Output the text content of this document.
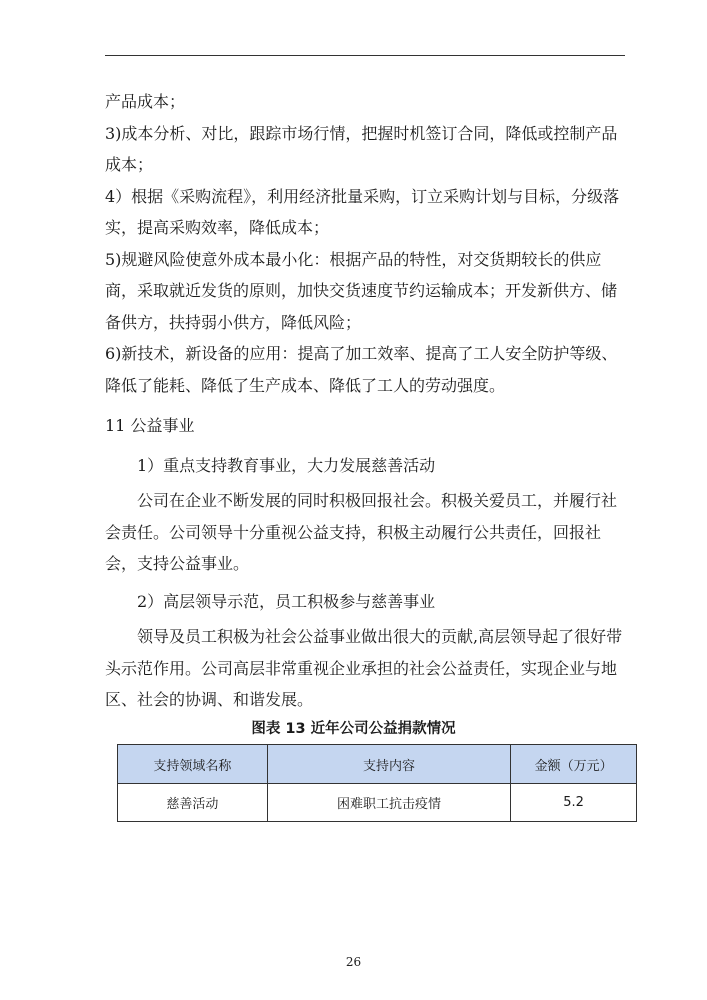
产品成本；

3)成本分析、对比，跟踪市场行情，把握时机签订合同，降低或控制产品成本；

4）根据《采购流程》，利用经济批量采购，订立采购计划与目标，分级落实，提高采购效率，降低成本；

5)规避风险使意外成本最小化：根据产品的特性，对交货期较长的供应商，采取就近发货的原则，加快交货速度节约运输成本；开发新供方、储备供方，扶持弱小供方，降低风险；

6)新技术，新设备的应用：提高了加工效率、提高了工人安全防护等级、降低了能耗、降低了生产成本、降低了工人的劳动强度。

11 公益事业

1）重点支持教育事业，大力发展慈善活动

公司在企业不断发展的同时积极回报社会。积极关爱员工，并履行社会责任。公司领导十分重视公益支持，积极主动履行公共责任，回报社会，支持公益事业。

2）高层领导示范，员工积极参与慈善事业

领导及员工积极为社会公益事业做出很大的贡献,高层领导起了很好带头示范作用。公司高层非常重视企业承担的社会公益责任，实现企业与地区、社会的协调、和谐发展。

图表 13 近年公司公益捐款情况
支持领域名称	支持内容	金额（万元）
慈善活动	困难职工抗击疫情	5.2
26
